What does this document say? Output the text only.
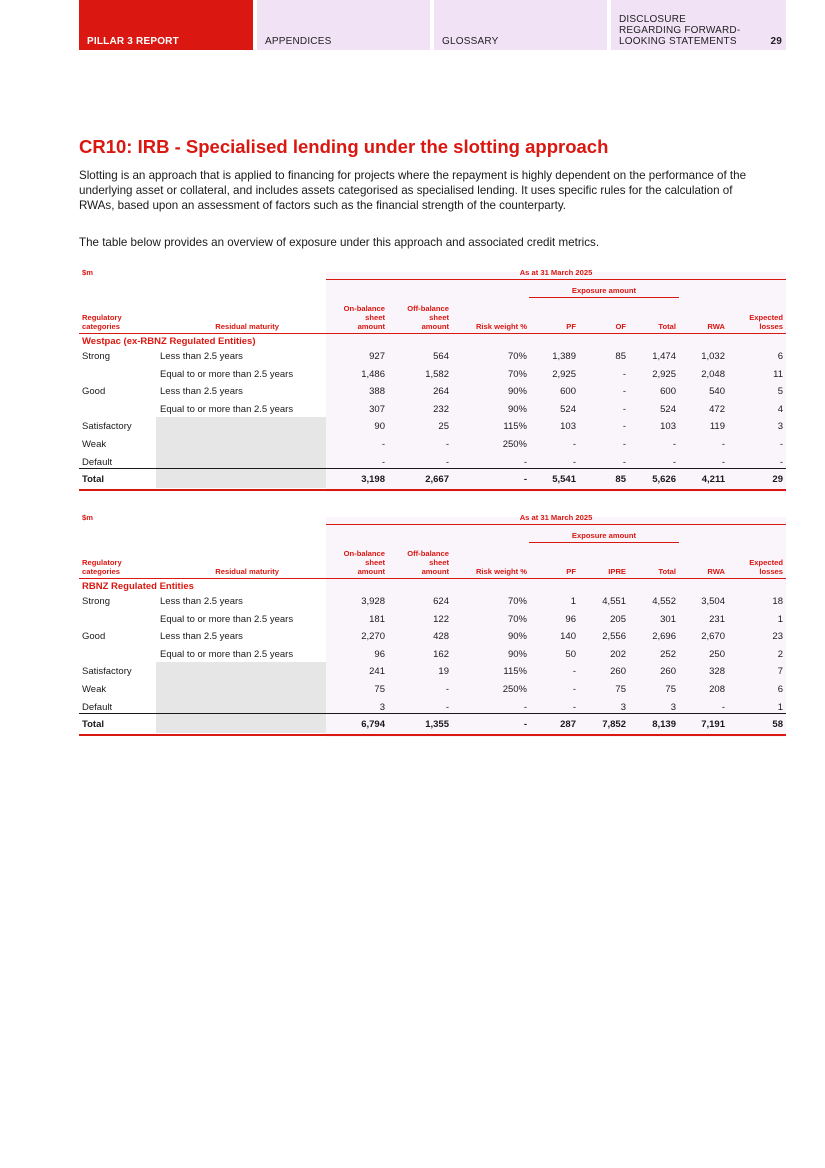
PILLAR 3 REPORT	APPENDICES	GLOSSARY
DISCLOSURE
REGARDING FORWARD-
LOOKING STATEMENTS	29
CR10: IRB - Specialised lending under the slotting approach

Slotting is an approach that is applied to financing for projects where the repayment is highly dependent on the performance of the underlying asset or collateral, and includes assets categorised as specialised lending. It uses specific rules for the calculation of RWAs, based upon an assessment of factors such as the financial strength of the counterparty.

The table below provides an overview of exposure under this approach and associated credit metrics.

$m	As at 31 March 2025
Exposure amount
Regulatory
categories	Residual maturity
On-balance
sheet
amount
Off-balance
sheet
amount	Risk weight %	PF	OF	Total	RWA
Expected
losses
Westpac (ex-RBNZ Regulated Entities)
Strong	Less than 2.5 years	927	564	70%	1,389	85	1,474	1,032	6
Equal to or more than 2.5 years	1,486	1,582	70%	2,925	-	2,925	2,048	11
Good	Less than 2.5 years	388	264	90%	600	-	600	540	5
Equal to or more than 2.5 years	307	232	90%	524	-	524	472	4
Satisfactory	90	25	115%	103	-	103	119	3
Weak	-	-	250%	-	-	-	-	-
Default	-	-	-	-	-	-	-	-
Total	3,198	2,667	-	5,541	85	5,626	4,211	29
$m	As at 31 March 2025
Exposure amount
Regulatory
categories	Residual maturity
On-balance
sheet
amount
Off-balance
sheet
amount	Risk weight %	PF	IPRE	Total	RWA
Expected
losses
RBNZ Regulated Entities
Strong	Less than 2.5 years	3,928	624	70%	1	4,551	4,552	3,504	18
Equal to or more than 2.5 years	181	122	70%	96	205	301	231	1
Good	Less than 2.5 years	2,270	428	90%	140	2,556	2,696	2,670	23
Equal to or more than 2.5 years	96	162	90%	50	202	252	250	2
Satisfactory	241	19	115%	-	260	260	328	7
Weak	75	-	250%	-	75	75	208	6
Default	3	-	-	-	3	3	-	1
Total	6,794	1,355	-	287	7,852	8,139	7,191	58
